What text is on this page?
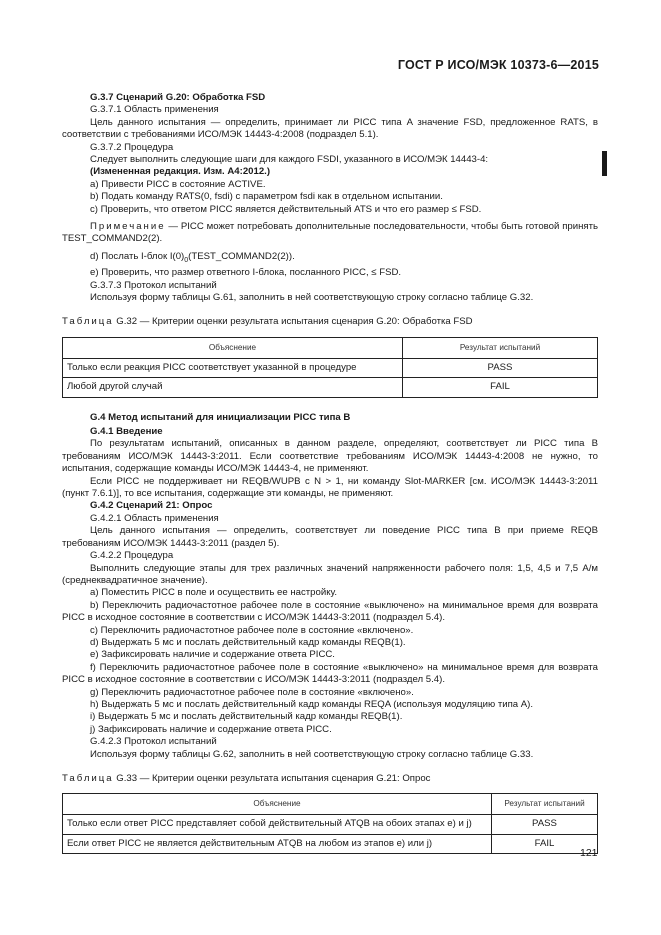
ГОСТ Р ИСО/МЭК 10373-6—2015

G.3.7 Сценарий G.20: Обработка FSD

G.3.7.1 Область применения

Цель данного испытания — определить, принимает ли PICC типа A значение FSD, предложенное RATS, в соответствии с требованиями ИСО/МЭК 14443-4:2008 (подраздел 5.1).

G.3.7.2 Процедура

Следует выполнить следующие шаги для каждого FSDI, указанного в ИСО/МЭК 14443-4:

(Измененная редакция. Изм. А4:2012.)

a) Привести PICC в состояние ACTIVE.

b) Подать команду RATS(0, fsdi) с параметром fsdi как в отдельном испытании.

c) Проверить, что ответом PICC является действительный ATS и что его размер ≤ FSD.

Примечание — PICC может потребовать дополнительные последовательности, чтобы быть готовой принять TEST_COMMAND2(2).

d) Послать I-блок $I(0)_0(TEST\_COMMAND2(2))$.

e) Проверить, что размер ответного I-блока, посланного PICC, ≤ FSD.

G.3.7.3 Протокол испытаний

Используя форму таблицы G.61, заполнить в ней соответствующую строку согласно таблице G.32.

Таблица G.32 — Критерии оценки результата испытания сценария G.20: Обработка FSD

Объяснение	Результат испытаний
Только если реакция PICC соответствует указанной в процедуре	PASS
Любой другой случай	FAIL

G.4 Метод испытаний для инициализации PICC типа B

G.4.1 Введение

По результатам испытаний, описанных в данном разделе, определяют, соответствует ли PICC типа B требованиям ИСО/МЭК 14443-3:2011. Если соответствие требованиям ИСО/МЭК 14443-4:2008 не нужно, то испытания, содержащие команды ИСО/МЭК 14443-4, не применяют.

Если PICC не поддерживает ни REQB/WUPB с N > 1, ни команду Slot-MARKER [см. ИСО/МЭК 14443-3:2011 (пункт 7.6.1)], то все испытания, содержащие эти команды, не применяют.

G.4.2 Сценарий 21: Опрос

G.4.2.1 Область применения

Цель данного испытания — определить, соответствует ли поведение PICC типа B при приеме REQB требованиям ИСО/МЭК 14443-3:2011 (раздел 5).

G.4.2.2 Процедура

Выполнить следующие этапы для трех различных значений напряженности рабочего поля: 1,5, 4,5 и 7,5 А/м (среднеквадратичное значение).

a) Поместить PICC в поле и осуществить ее настройку.

b) Переключить радиочастотное рабочее поле в состояние «выключено» на минимальное время для возврата PICC в исходное состояние в соответствии с ИСО/МЭК 14443-3:2011 (подраздел 5.4).

c) Переключить радиочастотное рабочее поле в состояние «включено».

d) Выдержать 5 мс и послать действительный кадр команды REQB(1).

e) Зафиксировать наличие и содержание ответа PICC.

f) Переключить радиочастотное рабочее поле в состояние «выключено» на минимальное время для возврата PICC в исходное состояние в соответствии с ИСО/МЭК 14443-3:2011 (подраздел 5.4).

g) Переключить радиочастотное рабочее поле в состояние «включено».

h) Выдержать 5 мс и послать действительный кадр команды REQA (используя модуляцию типа A).

i) Выдержать 5 мс и послать действительный кадр команды REQB(1).

j) Зафиксировать наличие и содержание ответа PICC.

G.4.2.3 Протокол испытаний

Используя форму таблицы G.62, заполнить в ней соответствующую строку согласно таблице G.33.

Таблица G.33 — Критерии оценки результата испытания сценария G.21: Опрос

Объяснение	Результат испытаний
Только если ответ PICC представляет собой действительный ATQB на обоих этапах е) и j)	PASS
Если ответ PICC не является действительным ATQB на любом из этапов е) или j)	FAIL
121
